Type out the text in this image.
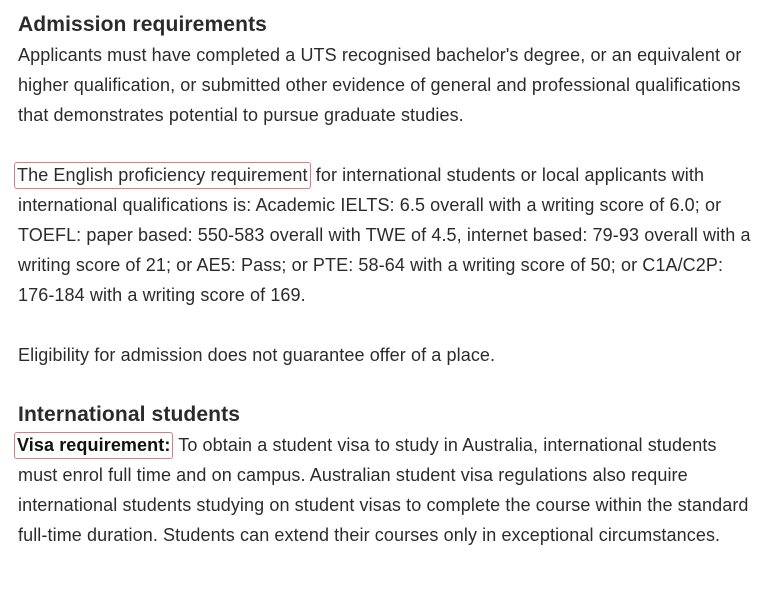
Admission requirements

Applicants must have completed a UTS recognised bachelor's degree, or an equivalent or higher qualification, or submitted other evidence of general and professional qualifications that demonstrates potential to pursue graduate studies.

The English proficiency requirement for international students or local applicants with international qualifications is: Academic IELTS: 6.5 overall with a writing score of 6.0; or TOEFL: paper based: 550-583 overall with TWE of 4.5, internet based: 79-93 overall with a writing score of 21; or AE5: Pass; or PTE: 58-64 with a writing score of 50; or C1A/C2P: 176-184 with a writing score of 169.

Eligibility for admission does not guarantee offer of a place.

International students

Visa requirement: To obtain a student visa to study in Australia, international students must enrol full time and on campus. Australian student visa regulations also require international students studying on student visas to complete the course within the standard full-time duration. Students can extend their courses only in exceptional circumstances.
